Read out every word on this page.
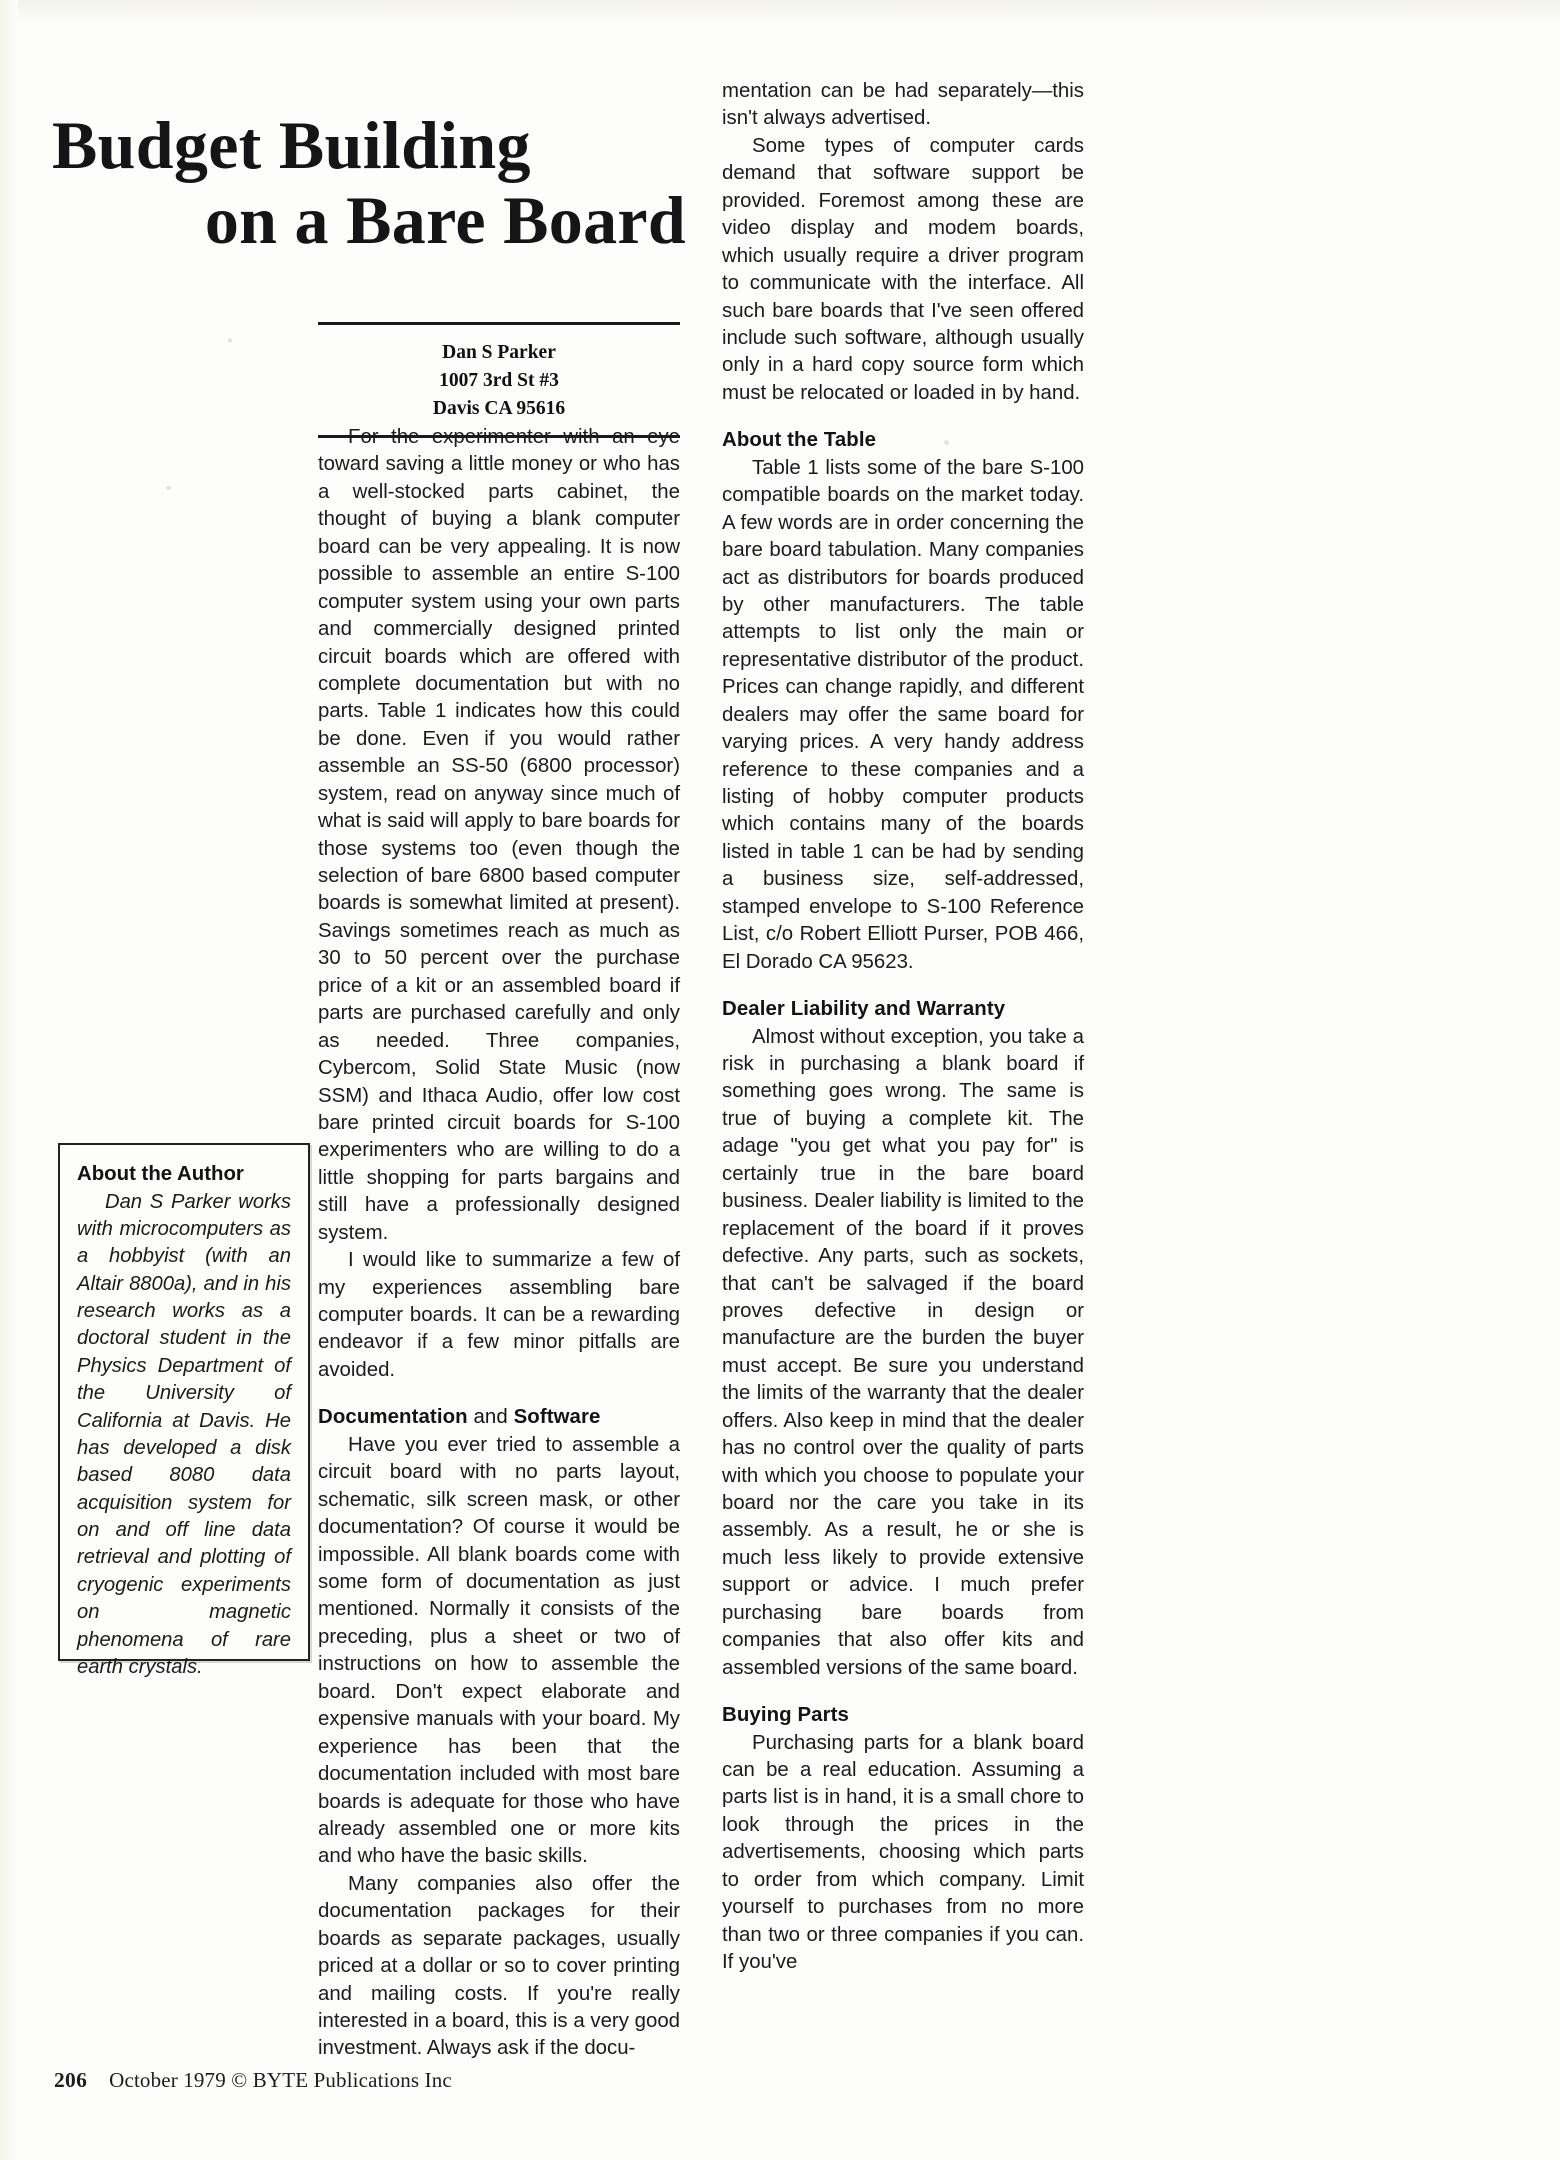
Budget Building
on a Bare Board
Dan S Parker
1007 3rd St #3
Davis CA 95616

For the experimenter with an eye toward saving a little money or who has a well-stocked parts cabinet, the thought of buying a blank computer board can be very appealing. It is now possible to assemble an entire S-100 computer system using your own parts and commercially designed printed circuit boards which are offered with complete documentation but with no parts. Table 1 indicates how this could be done. Even if you would rather assemble an SS-50 (6800 processor) system, read on anyway since much of what is said will apply to bare boards for those systems too (even though the selection of bare 6800 based computer boards is somewhat limited at present). Savings sometimes reach as much as 30 to 50 percent over the purchase price of a kit or an assembled board if parts are purchased carefully and only as needed. Three companies, Cybercom, Solid State Music (now SSM) and Ithaca Audio, offer low cost bare printed circuit boards for S-100 experimenters who are willing to do a little shopping for parts bargains and still have a professionally designed system.

I would like to summarize a few of my experiences assembling bare computer boards. It can be a rewarding endeavor if a few minor pitfalls are avoided.

Documentation and Software

Have you ever tried to assemble a circuit board with no parts layout, schematic, silk screen mask, or other documentation? Of course it would be impossible. All blank boards come with some form of documentation as just mentioned. Normally it consists of the preceding, plus a sheet or two of instructions on how to assemble the board. Don't expect elaborate and expensive manuals with your board. My experience has been that the documentation included with most bare boards is adequate for those who have already assembled one or more kits and who have the basic skills.

Many companies also offer the documentation packages for their boards as separate packages, usually priced at a dollar or so to cover printing and mailing costs. If you're really interested in a board, this is a very good investment. Always ask if the docu-

mentation can be had separately—this isn't always advertised.

Some types of computer cards demand that software support be provided. Foremost among these are video display and modem boards, which usually require a driver program to communicate with the interface. All such bare boards that I've seen offered include such software, although usually only in a hard copy source form which must be relocated or loaded in by hand.

About the Table

Table 1 lists some of the bare S-100 compatible boards on the market today. A few words are in order concerning the bare board tabulation. Many companies act as distributors for boards produced by other manufacturers. The table attempts to list only the main or representative distributor of the product. Prices can change rapidly, and different dealers may offer the same board for varying prices. A very handy address reference to these companies and a listing of hobby computer products which contains many of the boards listed in table 1 can be had by sending a business size, self-addressed, stamped envelope to S-100 Reference List, c/o Robert Elliott Purser, POB 466, El Dorado CA 95623.

Dealer Liability and Warranty

Almost without exception, you take a risk in purchasing a blank board if something goes wrong. The same is true of buying a complete kit. The adage "you get what you pay for" is certainly true in the bare board business. Dealer liability is limited to the replacement of the board if it proves defective. Any parts, such as sockets, that can't be salvaged if the board proves defective in design or manufacture are the burden the buyer must accept. Be sure you understand the limits of the warranty that the dealer offers. Also keep in mind that the dealer has no control over the quality of parts with which you choose to populate your board nor the care you take in its assembly. As a result, he or she is much less likely to provide extensive support or advice. I much prefer purchasing bare boards from companies that also offer kits and assembled versions of the same board.

Buying Parts

Purchasing parts for a blank board can be a real education. Assuming a parts list is in hand, it is a small chore to look through the prices in the advertisements, choosing which parts to order from which company. Limit yourself to purchases from no more than two or three companies if you can. If you've

About the Author

Dan S Parker works with microcomputers as a hobbyist (with an Altair 8800a), and in his research works as a doctoral student in the Physics Department of the University of California at Davis. He has developed a disk based 8080 data acquisition system for on and off line data retrieval and plotting of cryogenic experiments on magnetic phenomena of rare earth crystals.

206 October 1979 © BYTE Publications Inc
